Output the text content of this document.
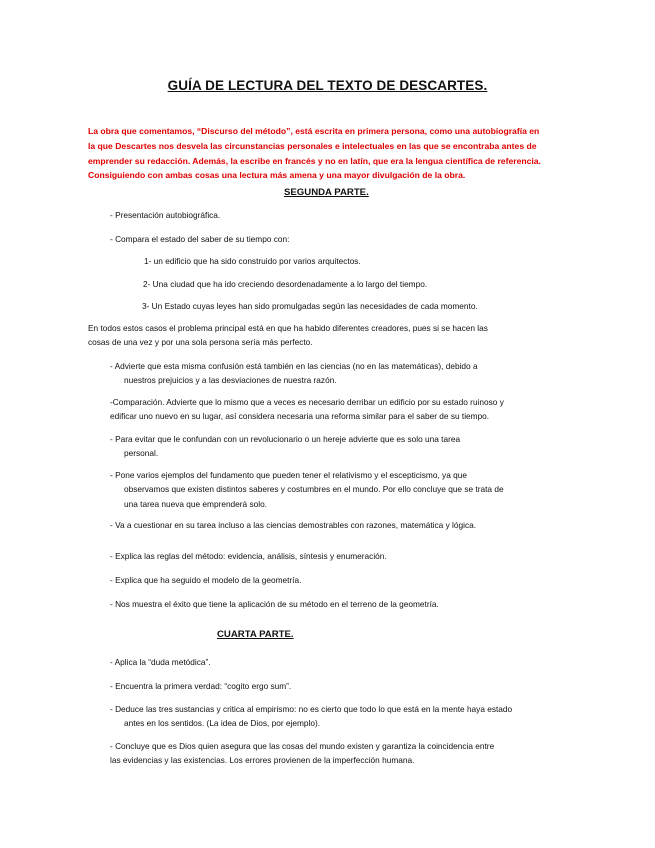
GUÍA DE LECTURA DEL TEXTO DE DESCARTES.
La obra que comentamos, “Discurso del método”, está escrita en primera persona, como una autobiografía en
la que Descartes nos desvela las circunstancias personales e intelectuales en las que se encontraba antes de
emprender su redacción. Además, la escribe en francés y no en latín, que era la lengua científica de referencia.
Consiguiendo con ambas cosas una lectura más amena y una mayor divulgación de la obra.
SEGUNDA PARTE.
- Presentación autobiográfica.
- Compara el estado del saber de su tiempo con:
1- un edificio que ha sido construido por varios arquitectos.
2- Una ciudad que ha ido creciendo desordenadamente a lo largo del tiempo.
3- Un Estado cuyas leyes han sido promulgadas según las necesidades de cada momento.
En todos estos casos el problema principal está en que ha habido diferentes creadores, pues si se hacen las
cosas de una vez y por una sola persona sería más perfecto.
- Advierte que esta misma confusión está también en las ciencias (no en las matemáticas), debido a
nuestros prejuicios y a las desviaciones de nuestra razón.
-Comparación. Advierte que lo mismo que a veces es necesario derribar un edificio por su estado ruinoso y
edificar uno nuevo en su lugar, así considera necesaria una reforma similar para el saber de su tiempo.
- Para evitar que le confundan con un revolucionario o un hereje advierte que es solo una tarea
personal.
- Pone varios ejemplos del fundamento que pueden tener el relativismo y el escepticismo, ya que
observamos que existen distintos saberes y costumbres en el mundo. Por ello concluye que se trata de
una tarea nueva que emprenderá solo.
- Va a cuestionar en su tarea incluso a las ciencias demostrables con razones, matemática y lógica.
- Explica las reglas del método: evidencia, análisis, síntesis y enumeración.
- Explica que ha seguido el modelo de la geometría.
- Nos muestra el éxito que tiene la aplicación de su método en el terreno de la geometría.
CUARTA PARTE.
- Aplica la “duda metódica”.
- Encuentra la primera verdad: “cogito ergo sum”.
- Deduce las tres sustancias y critica al empirismo: no es cierto que todo lo que está en la mente haya estado
antes en los sentidos. (La idea de Dios, por ejemplo).
- Concluye que es Dios quien asegura que las cosas del mundo existen y garantiza la coincidencia entre
las evidencias y las existencias. Los errores provienen de la imperfección humana.
